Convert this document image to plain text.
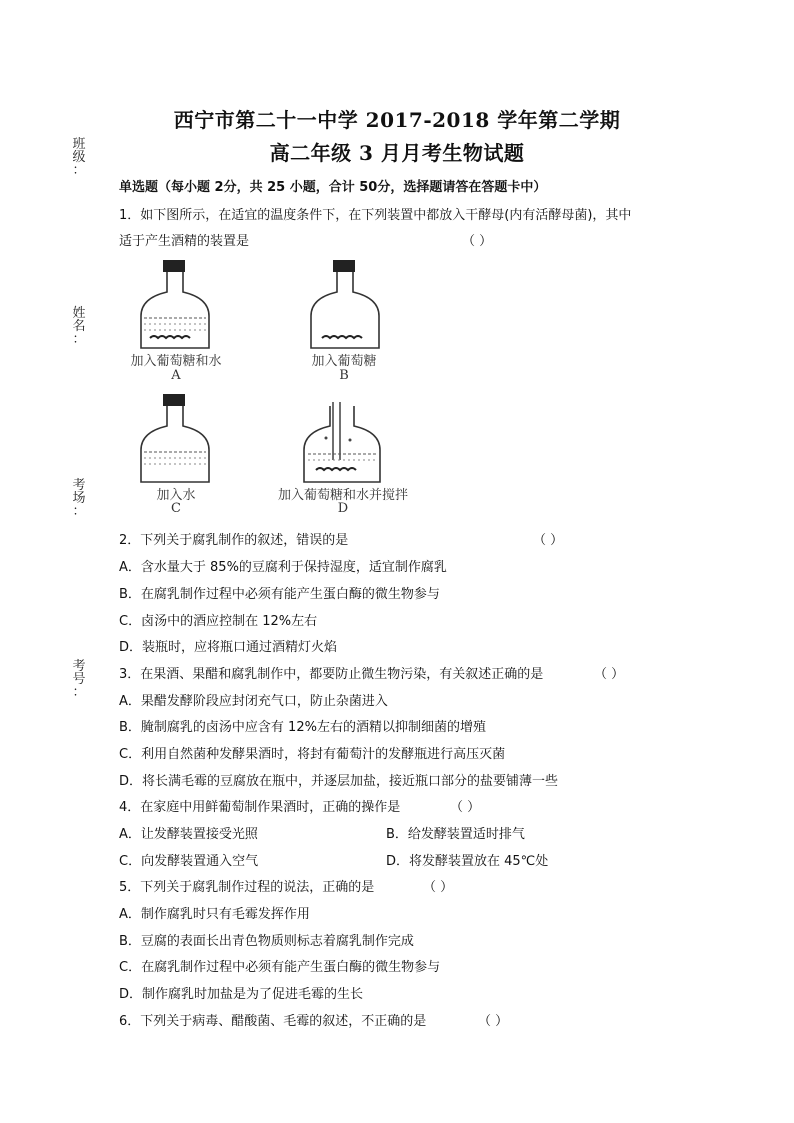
西宁市第二十一中学 2017-2018 学年第二学期
高二年级 3 月月考生物试题
班
级
：
姓
名
：
考
场
：
考
号
：
单选题（每小题 2分，共 25 小题，合计 50分，选择题请答在答题卡中）
1．如下图所示，在适宜的温度条件下，在下列装置中都放入干酵母(内有活酵母菌)，其中
适于产生酒精的装置是	（ ）
加入葡萄糖和水
A
加入葡萄糖
B
加入水
C
加入葡萄糖和水并搅拌
D
2．下列关于腐乳制作的叙述，错误的是	（ ）
A．含水量大于 85%的豆腐利于保持湿度，适宜制作腐乳
B．在腐乳制作过程中必须有能产生蛋白酶的微生物参与
C．卤汤中的酒应控制在 12%左右
D．装瓶时，应将瓶口通过酒精灯火焰
3．在果酒、果醋和腐乳制作中，都要防止微生物污染，有关叙述正确的是	（ ）
A．果醋发酵阶段应封闭充气口，防止杂菌进入
B．腌制腐乳的卤汤中应含有 12%左右的酒精以抑制细菌的增殖
C．利用自然菌种发酵果酒时，将封有葡萄汁的发酵瓶进行高压灭菌
D．将长满毛霉的豆腐放在瓶中，并逐层加盐，接近瓶口部分的盐要铺薄一些
4．在家庭中用鲜葡萄制作果酒时，正确的操作是	（ ）
A．让发酵装置接受光照	B．给发酵装置适时排气
C．向发酵装置通入空气	D．将发酵装置放在 45℃处
5．下列关于腐乳制作过程的说法，正确的是	（ ）
A．制作腐乳时只有毛霉发挥作用
B．豆腐的表面长出青色物质则标志着腐乳制作完成
C．在腐乳制作过程中必须有能产生蛋白酶的微生物参与
D．制作腐乳时加盐是为了促进毛霉的生长
6．下列关于病毒、醋酸菌、毛霉的叙述，不正确的是	（ ）
